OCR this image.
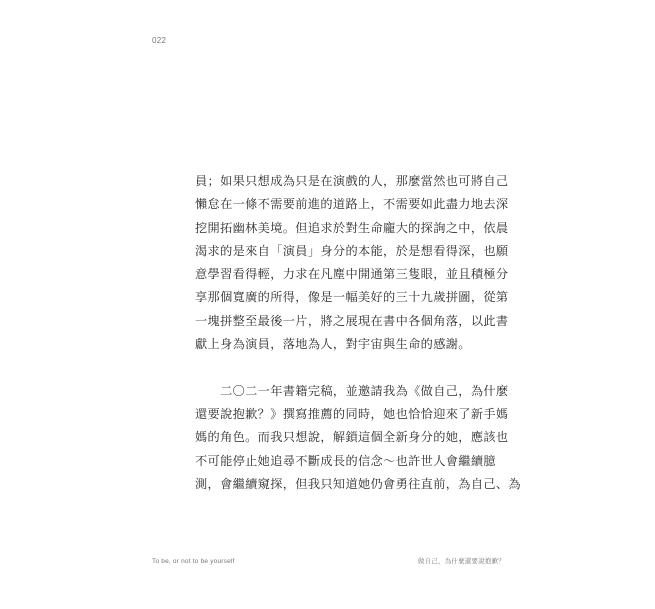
022

員；如果只想成為只是在演戲的人，那麼當然也可將自己
懶怠在一條不需要前進的道路上，不需要如此盡力地去深
挖開拓幽林美境。但追求於對生命龐大的探詢之中，依晨
渴求的是來自「演員」身分的本能，於是想看得深，也願
意學習看得輕，力求在凡塵中開通第三隻眼，並且積極分
享那個寬廣的所得，像是一幅美好的三十九歲拼圖，從第
一塊拼整至最後一片，將之展現在書中各個角落，以此書
獻上身為演員，落地為人，對宇宙與生命的感謝。

　　二〇二一年書籍完稿，並邀請我為《做自己，為什麼
還要說抱歉？》撰寫推薦的同時，她也恰恰迎來了新手媽
媽的角色。而我只想說，解鎖這個全新身分的她，應該也
不可能停止她追尋不斷成長的信念～也許世人會繼續臆
測，會繼續窺探，但我只知道她仍會勇往直前，為自己、為

To be, or not to be yourself	做自己，為什麼還要說抱歉？
